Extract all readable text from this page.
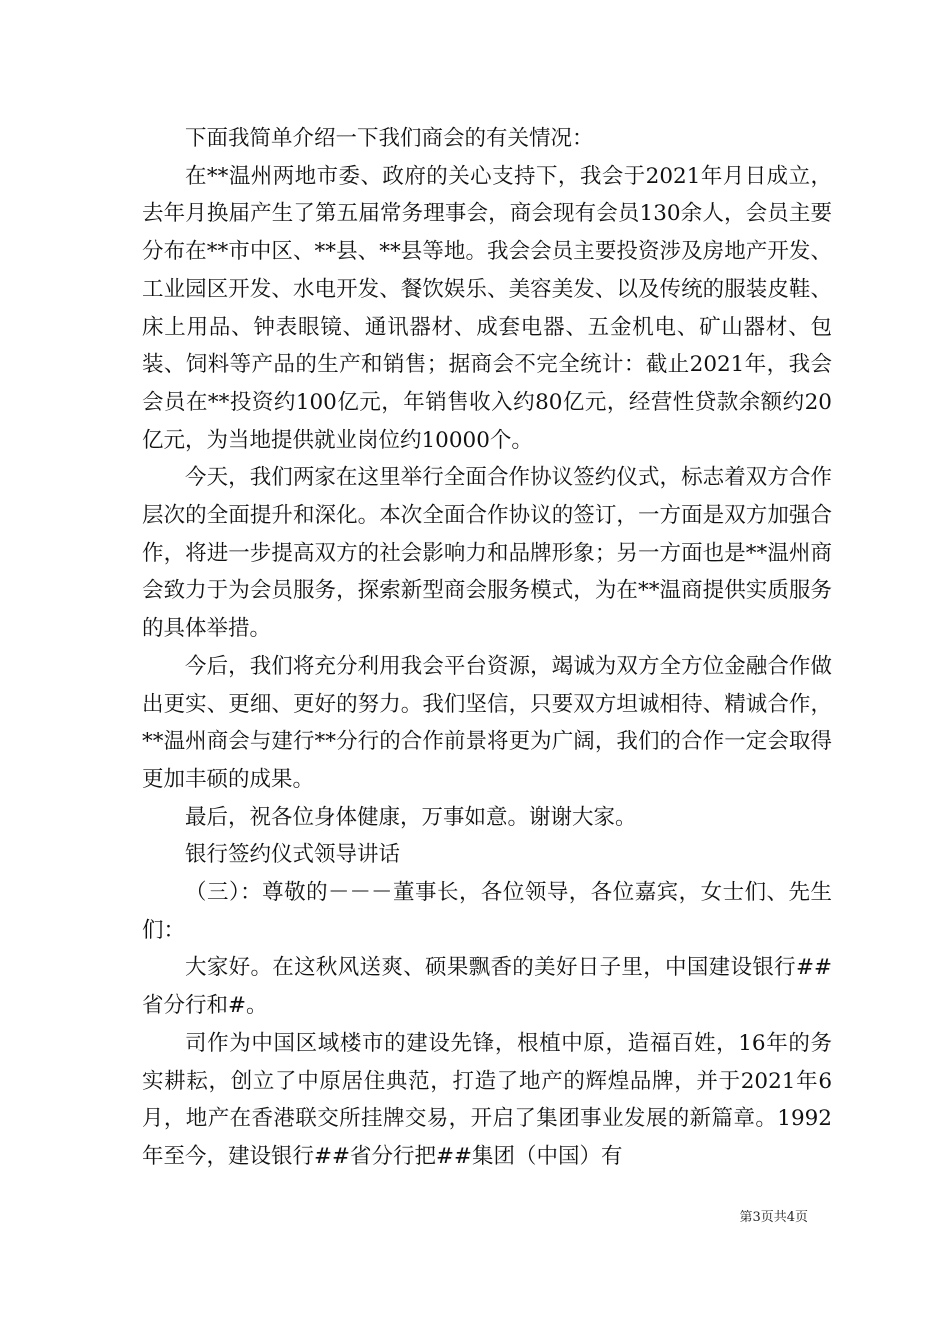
下面我简单介绍一下我们商会的有关情况：

在**温州两地市委、政府的关心支持下，我会于2021年月日成立，去年月换届产生了第五届常务理事会，商会现有会员130余人，会员主要分布在**市中区、**县、**县等地。我会会员主要投资涉及房地产开发、工业园区开发、水电开发、餐饮娱乐、美容美发、以及传统的服装皮鞋、床上用品、钟表眼镜、通讯器材、成套电器、五金机电、矿山器材、包装、饲料等产品的生产和销售；据商会不完全统计：截止2021年，我会会员在**投资约100亿元，年销售收入约80亿元，经营性贷款余额约20亿元，为当地提供就业岗位约10000个。

今天，我们两家在这里举行全面合作协议签约仪式，标志着双方合作层次的全面提升和深化。本次全面合作协议的签订，一方面是双方加强合作，将进一步提高双方的社会影响力和品牌形象；另一方面也是**温州商会致力于为会员服务，探索新型商会服务模式，为在**温商提供实质服务的具体举措。

今后，我们将充分利用我会平台资源，竭诚为双方全方位金融合作做出更实、更细、更好的努力。我们坚信，只要双方坦诚相待、精诚合作，**温州商会与建行**分行的合作前景将更为广阔，我们的合作一定会取得更加丰硕的成果。

最后，祝各位身体健康，万事如意。谢谢大家。

银行签约仪式领导讲话

（三）：尊敬的－－－董事长，各位领导，各位嘉宾，女士们、先生们：

大家好。在这秋风送爽、硕果飘香的美好日子里，中国建设银行##省分行和#。

司作为中国区域楼市的建设先锋，根植中原，造福百姓，16年的务实耕耘，创立了中原居住典范，打造了地产的辉煌品牌，并于2021年6月，地产在香港联交所挂牌交易，开启了集团事业发展的新篇章。1992年至今，建设银行##省分行把##集团（中国）有

第3页共4页
